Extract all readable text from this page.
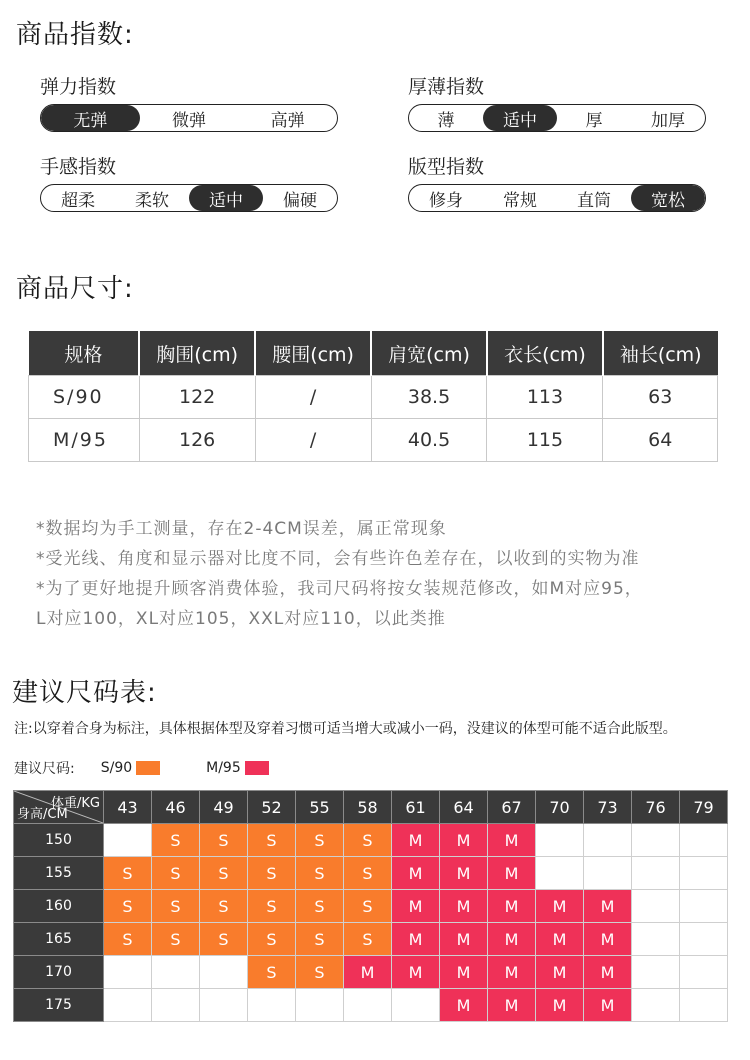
商品指数:
弹力指数
无弹	微弹	高弹
厚薄指数
薄	适中	厚	加厚
手感指数
超柔	柔软	适中	偏硬
版型指数
修身	常规	直筒	宽松
商品尺寸:
规格	胸围(cm)	腰围(cm)	肩宽(cm)	衣长(cm)	袖长(cm)
S/90	122	/	38.5	113	63
M/95	126	/	40.5	115	64

*数据均为手工测量，存在2-4CM误差，属正常现象

*受光线、角度和显示器对比度不同，会有些许色差存在，以收到的实物为准

*为了更好地提升顾客消费体验，我司尺码将按女装规范修改，如M对应95，

L对应100，XL对应105，XXL对应110，以此类推

建议尺码表:
注:以穿着合身为标注，具体根据体型及穿着习惯可适当增大或减小一码，没建议的体型可能不适合此版型。
建议尺码: S/90	M/95
体重/KG
身高/CM	43	46	49	52	55	58	61	64	67	70	73	76	79
150		S	S	S	S	S	M	M	M				
155	S	S	S	S	S	S	M	M	M				
160	S	S	S	S	S	S	M	M	M	M	M		
165	S	S	S	S	S	S	M	M	M	M	M		
170				S	S	M	M	M	M	M	M		
175								M	M	M	M		
